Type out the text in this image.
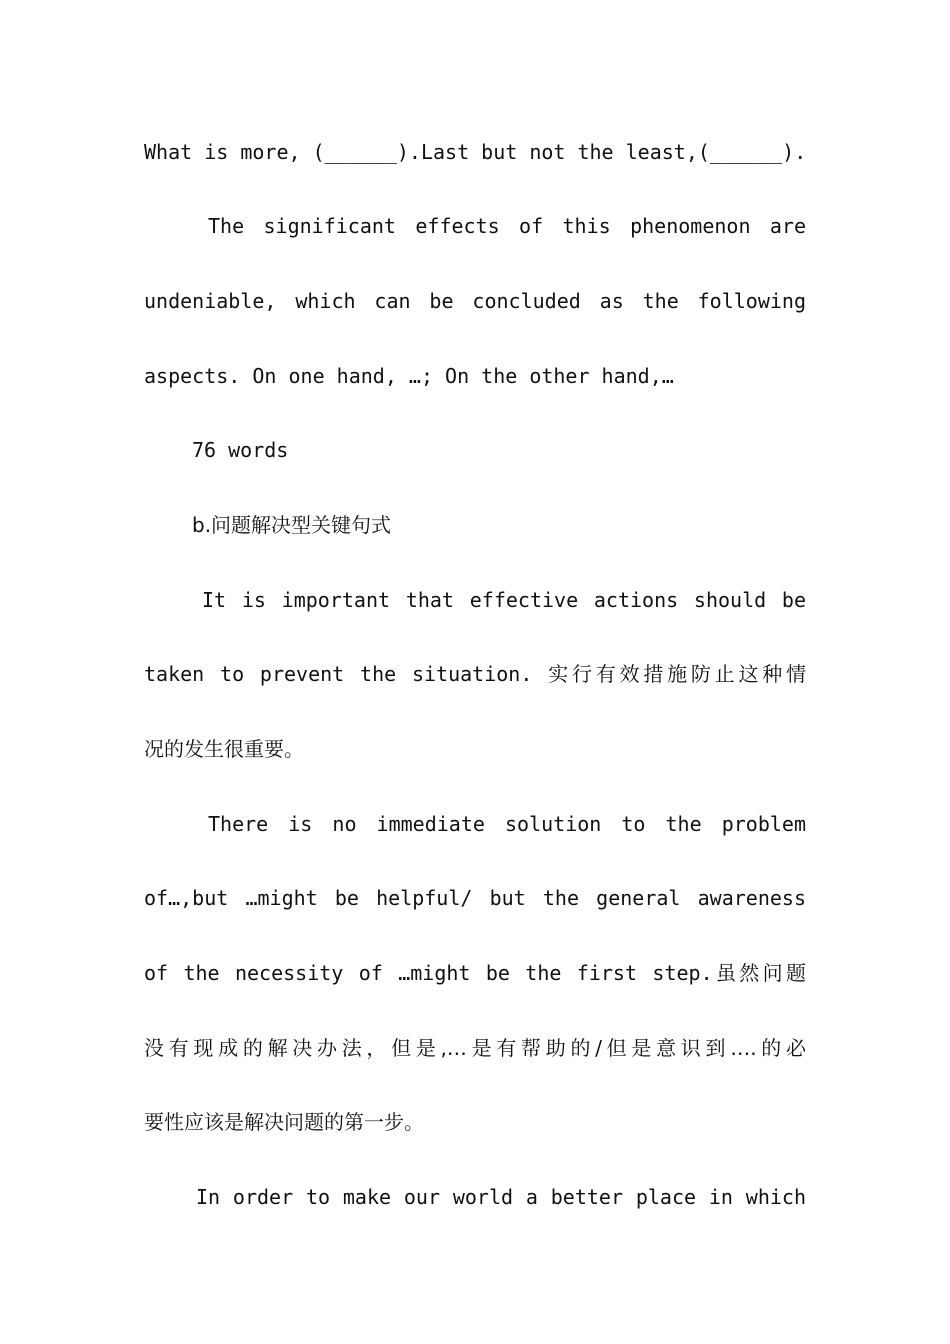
What is more, (______).Last but not the least,(______).
The significant effects of this phenomenon are
undeniable, which can be concluded as the following
aspects. On one hand, …; On the other hand,…
76 words
b.问题解决型关键句式
It is important that effective actions should be
taken to prevent the situation. 实行有效措施防止这种情
况的发生很重要。
There is no immediate solution to the problem
of…,but …might be helpful/ but the general awareness
of the necessity of …might be the first step.虽然问题
没有现成的解决办法，但是,…是有帮助的/但是意识到….的必
要性应该是解决问题的第一步。
In order to make our world a better place in which
